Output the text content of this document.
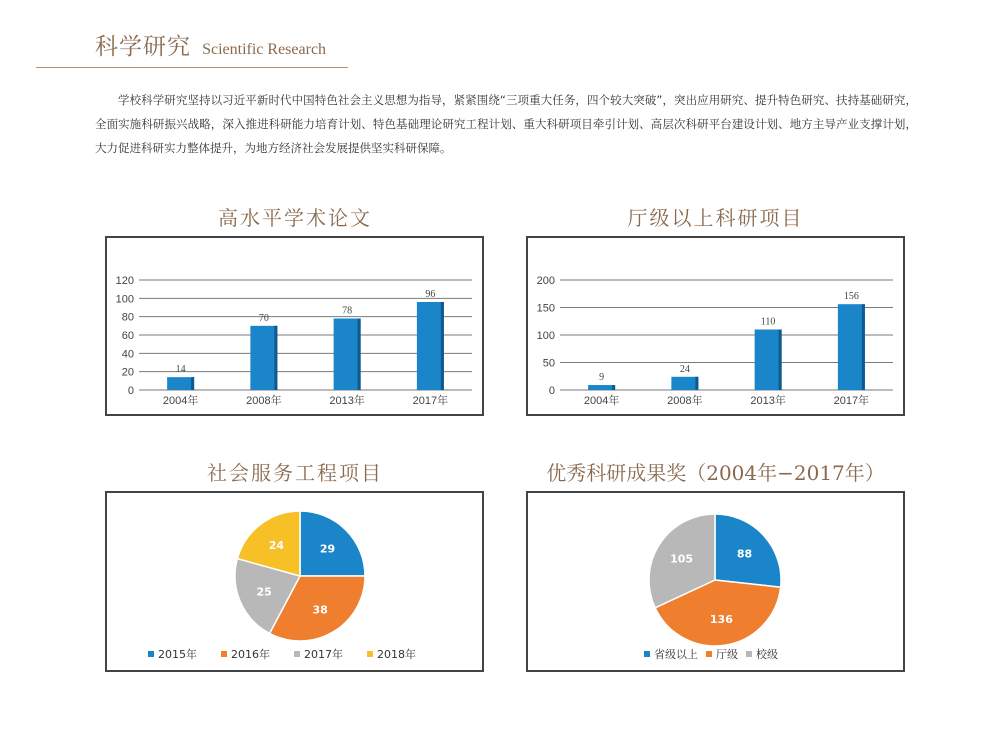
科学研究 Scientific Research

学校科学研究坚持以习近平新时代中国特色社会主义思想为指导，紧紧围绕“三项重大任务，四个较大突破”，突出应用研究、提升特色研究、扶持基础研究，全面实施科研振兴战略，深入推进科研能力培育计划、特色基础理论研究工程计划、重大科研项目牵引计划、高层次科研平台建设计划、地方主导产业支撑计划，大力促进科研实力整体提升，为地方经济社会发展提供坚实科研保障。

高水平学术论文
0
20
40
60
80
100
120
14
2004年
70
2008年
78
2013年
96
2017年
厅级以上科研项目
0
50
100
150
200
9
2004年
24
2008年
110
2013年
156
2017年
社会服务工程项目
29
38
25
24
2015年	2016年	2017年	2018年
优秀科研成果奖（2004年−2017年）
88
136
105
省级以上 厅级 校级
